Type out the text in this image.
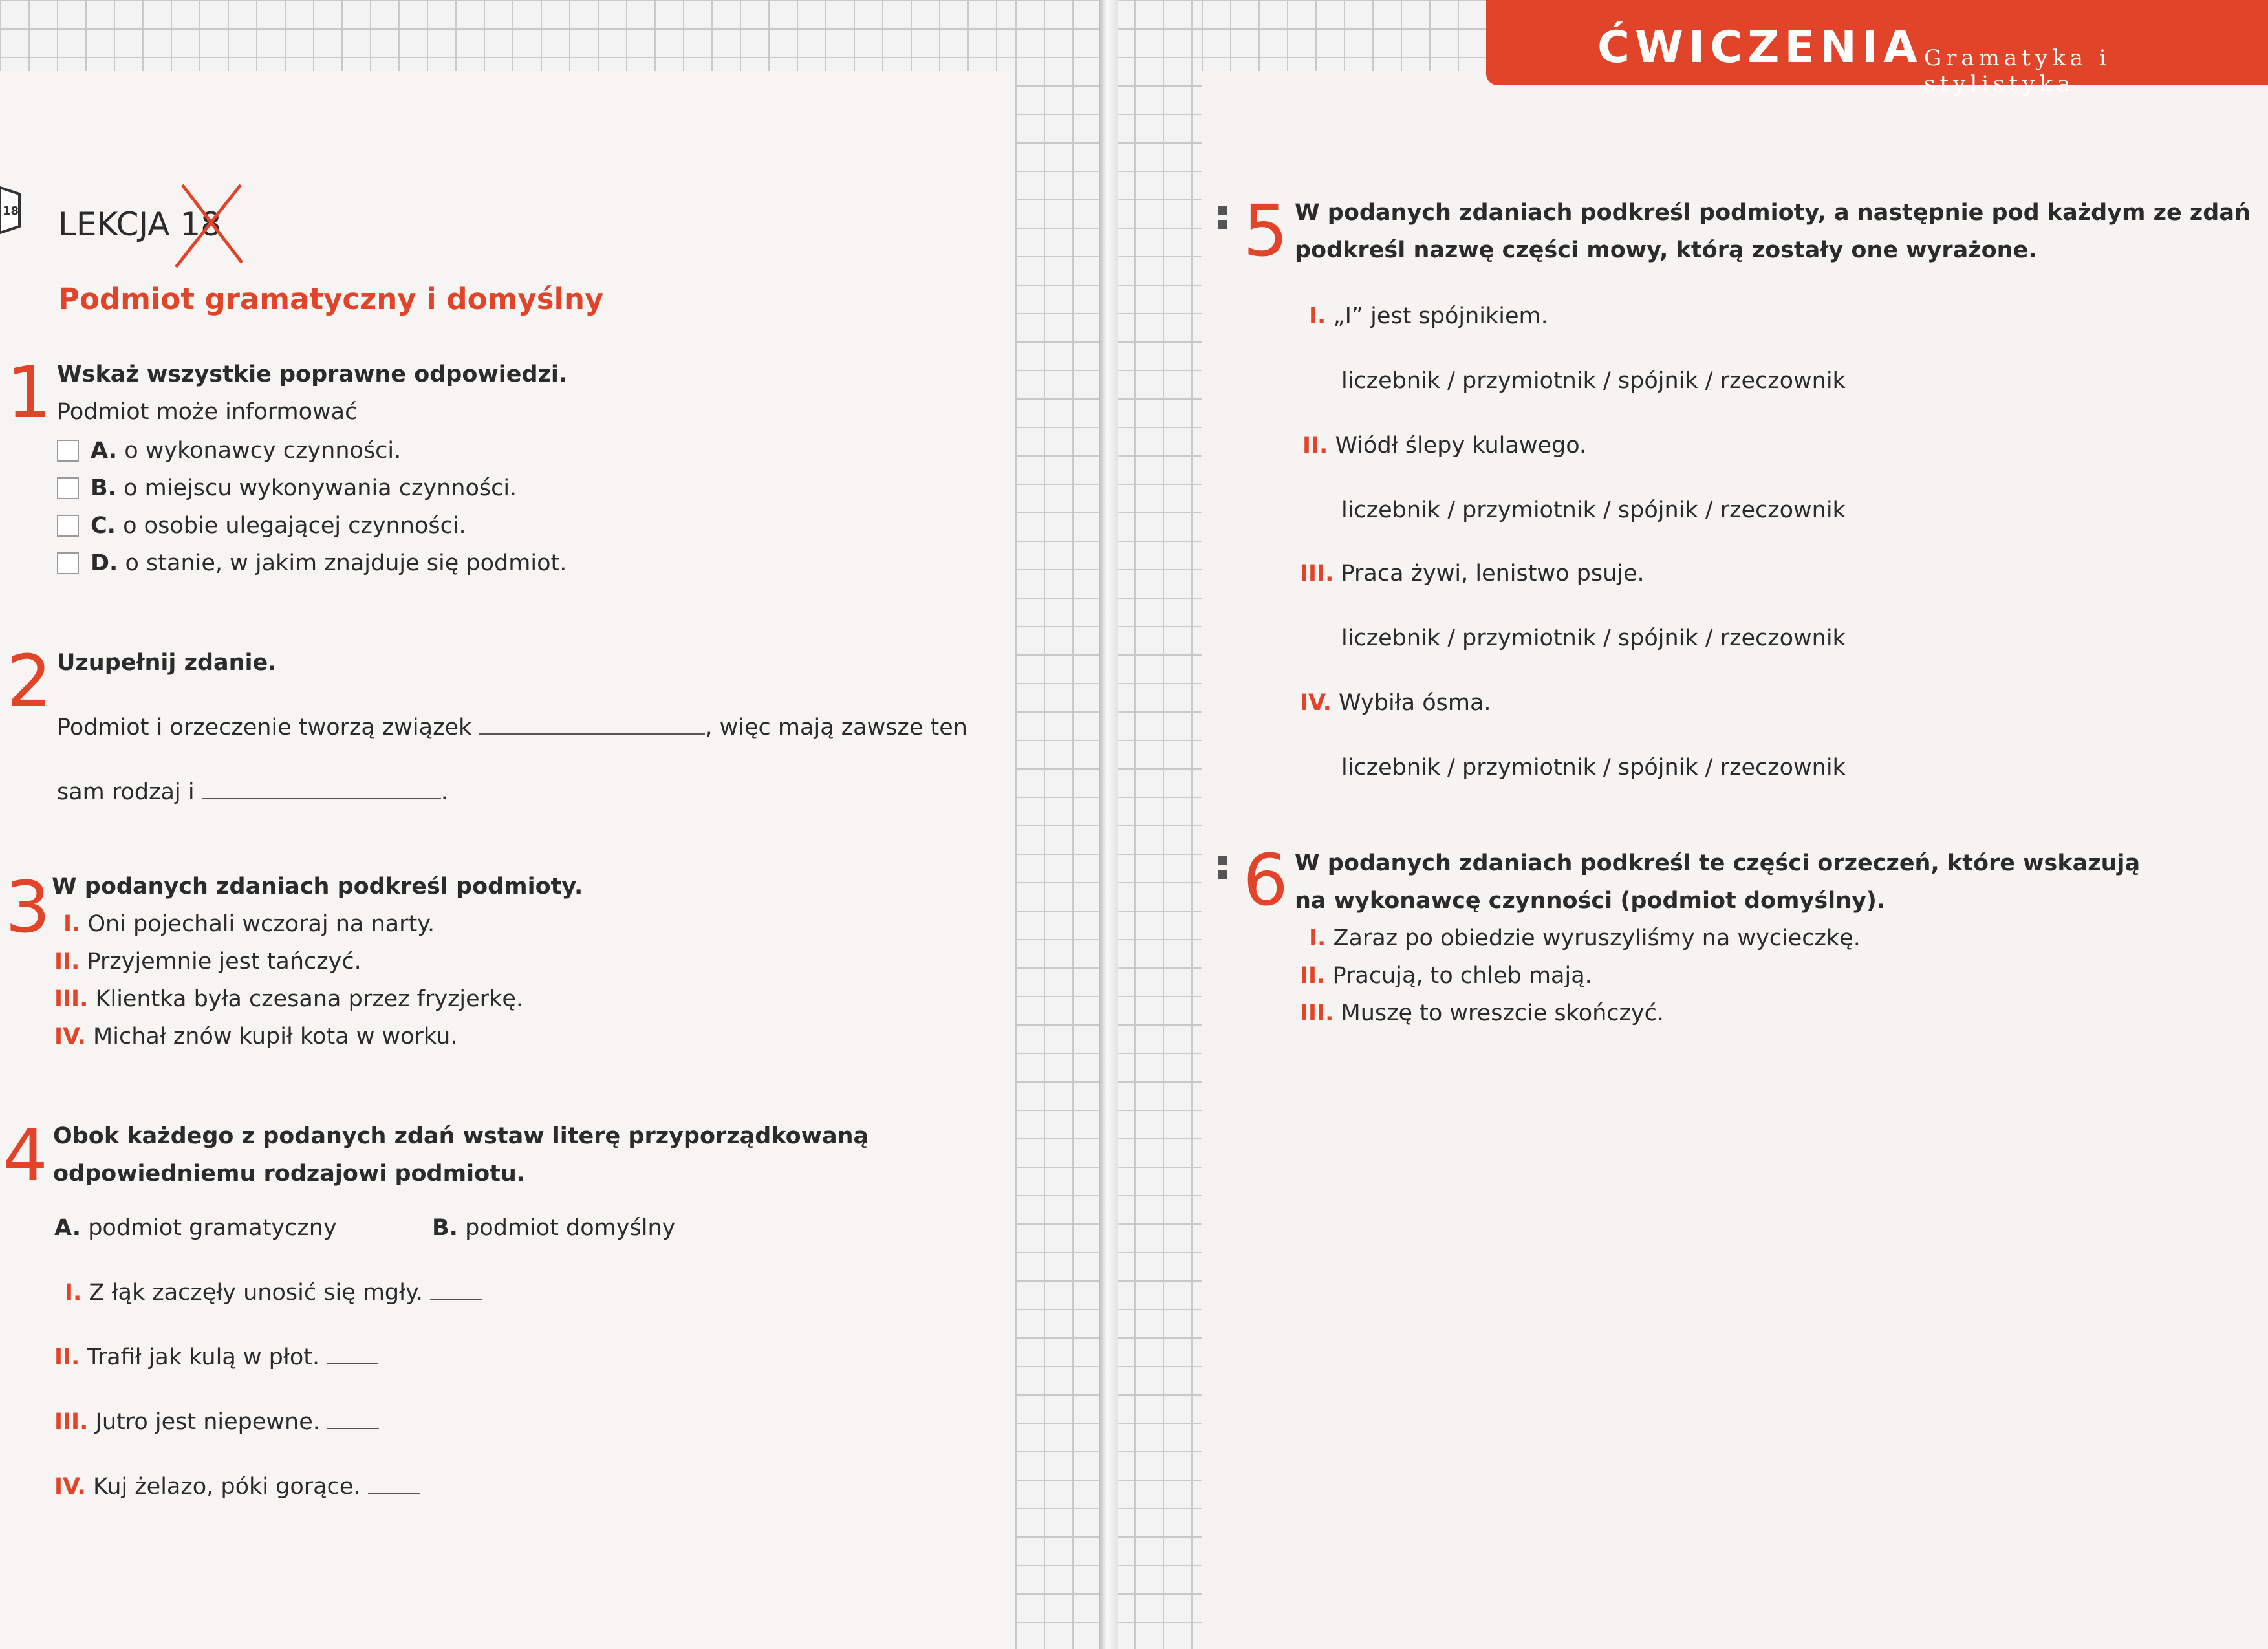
ĆWICZENIA Gramatyka i stylistyka
18 LEKCJA 18
Podmiot gramatyczny i domyślny
1 Wskaż wszystkie poprawne odpowiedzi.
Podmiot może informować
A. o wykonawcy czynności.
B. o miejscu wykonywania czynności.
C. o osobie ulegającej czynności.
D. o stanie, w jakim znajduje się podmiot.
2 Uzupełnij zdanie.
Podmiot i orzeczenie tworzą związek	, więc mają zawsze ten
sam rodzaj i	.
3 W podanych zdaniach podkreśl podmioty.
I. Oni pojechali wczoraj na narty.
II. Przyjemnie jest tańczyć.
III. Klientka była czesana przez fryzjerkę.
IV. Michał znów kupił kota w worku.
4 Obok każdego z podanych zdań wstaw literę przyporządkowaną
odpowiedniemu rodzajowi podmiotu.
A. podmiot gramatyczny	B. podmiot domyślny
I. Z łąk zaczęły unosić się mgły.
II. Trafił jak kulą w płot.
III. Jutro jest niepewne.
IV. Kuj żelazo, póki gorące.
5 W podanych zdaniach podkreśl podmioty, a następnie pod każdym ze zdań
podkreśl nazwę części mowy, którą zostały one wyrażone.
I. „I” jest spójnikiem.
liczebnik / przymiotnik / spójnik / rzeczownik
II. Wiódł ślepy kulawego.
liczebnik / przymiotnik / spójnik / rzeczownik
III. Praca żywi, lenistwo psuje.
liczebnik / przymiotnik / spójnik / rzeczownik
IV. Wybiła ósma.
liczebnik / przymiotnik / spójnik / rzeczownik
6 W podanych zdaniach podkreśl te części orzeczeń, które wskazują
na wykonawcę czynności (podmiot domyślny).
I. Zaraz po obiedzie wyruszyliśmy na wycieczkę.
II. Pracują, to chleb mają.
III. Muszę to wreszcie skończyć.
